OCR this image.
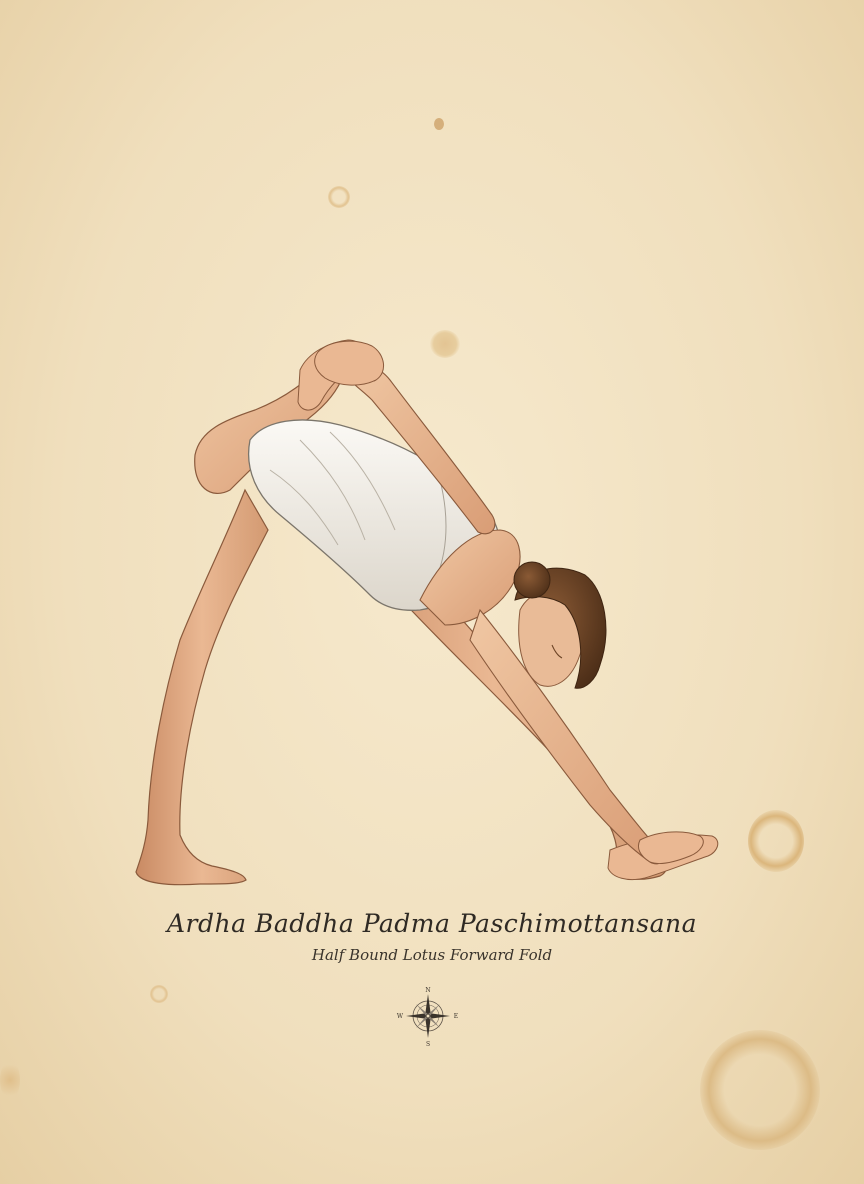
Ardha Baddha Padma Paschimottansana
Half Bound Lotus Forward Fold
N
S
E
W
